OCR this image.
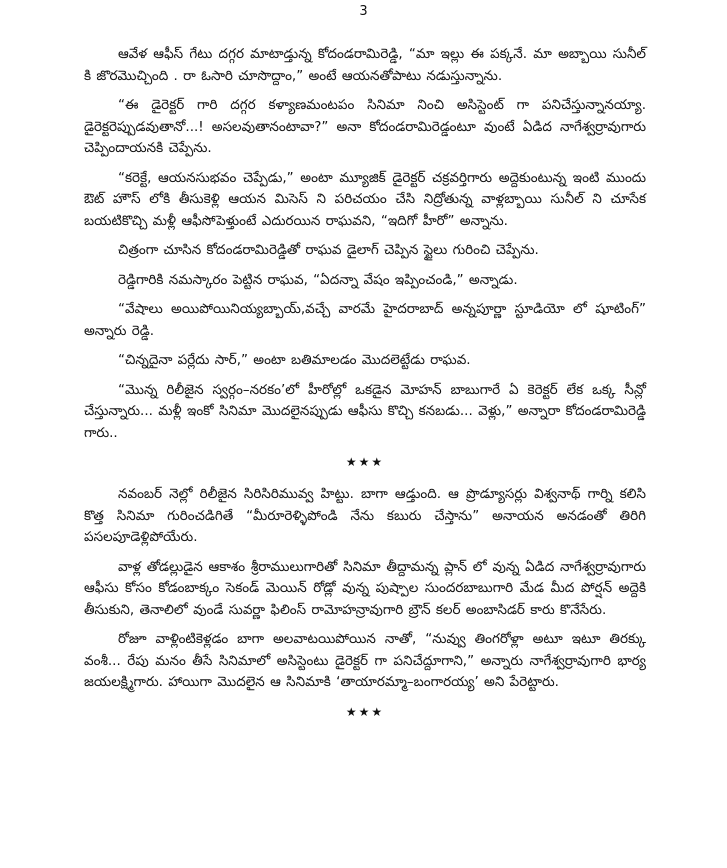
3

ఆవేళ ఆఫీస్ గేటు దగ్గర మాటాడ్తున్న కోదండరామిరెడ్డి, “మా ఇల్లు ఈ పక్కనే. మా అబ్బాయి సునీల్ కి జొరమొచ్చింది . రా ఓసారి చూసొద్దాం,” అంటే ఆయనతోపాటు నడుస్తున్నాను.

“ఈ డైరెక్టర్ గారి దగ్గర కళ్యాణమంటపం సినిమా నించి అసిస్టెంట్ గా పనిచేస్తున్నానయ్యా. డైరెక్టరెప్పుడవుతానో...! అసలవుతానంటావా?” అనా కోదండరామిరెడ్డంటూ వుంటే ఏడిద నాగేశ్వర్రావుగారు చెప్పిందాయనకి చెప్పేను.

“కరెక్టే, ఆయనసుభవం చెప్పేడు,” అంటా మ్యూజిక్ డైరెక్టర్ చక్రవర్తిగారు అద్దెకుంటున్న ఇంటి ముందు ఔట్ హౌస్ లోకి తీసుకెళ్లి ఆయన మిసెస్ ని పరిచయం చేసి నిద్రోతున్న వాళ్లబ్బాయి సునీల్ ని చూసేక బయటికొచ్చి మళ్లీ ఆఫీసోపెళ్తుంటే ఎదురయిన రాఘవని, “ఇదిగో హీరో” అన్నాను.

చిత్రంగా చూసిన కోదండరామిరెడ్డితో రాఘవ డైలాగ్ చెప్పిన స్టైలు గురించి చెప్పేను.

రెడ్డిగారికి నమస్కారం పెట్టిన రాఘవ, “ఏదన్నా వేషం ఇప్పించండి,” అన్నాడు.

“వేషాలు అయిపోయినియ్యబ్బాయ్,వచ్చే వారమే హైదరాబాద్ అన్నపూర్ణా స్టూడియో లో షూటింగ్” అన్నారు రెడ్డి.

“చిన్నదైనా పర్లేదు సార్,” అంటా బతిమాలడం మొదలెట్టేడు రాఘవ.

“మొన్న రిలీజైన స్వర్గం–నరకం’లో హీరోల్లో ఒకడైన మోహన్ బాబుగారే ఏ కెరెక్టర్ లేక ఒక్క సీన్లో చేస్తున్నారు... మళ్లీ ఇంకో సినిమా మొదలైనప్పుడు ఆఫీసు కొచ్చి కనబడు... వెళ్లు,” అన్నారా కోదండరామిరెడ్డి గారు..

★★★

నవంబర్ నెల్లో రిలీజైన సిరిసిరిమువ్వ హిట్టు. బాగా ఆడ్తుంది. ఆ ప్రొడ్యూసర్లు విశ్వనాథ్ గార్ని కలిసి కొత్త సినిమా గురించడిగితే “మీరూరెళ్ళిపోండి నేను కబురు చేస్తాను” అనాయన అనడంతో తిరిగి పసలపూడెళ్లిపోయేరు.

వాళ్ల తోడల్లుడైన ఆకాశం శ్రీరాములుగారితో సినిమా తీద్దామన్న ప్లాన్ లో వున్న ఏడిద నాగేశ్వర్రావుగారు ఆఫీసు కోసం కోడంబాక్కం సెకండ్ మెయిన్ రోడ్లో వున్న పుష్పాల సుందరబాబుగారి మేడ మీద పోర్షన్ అద్దెకి తీసుకుని, తెనాలిలో వుండే సువర్ణా ఫిలింస్ రామోహన్రావుగారి బ్రౌన్ కలర్ అంబాసిడర్ కారు కొనేసేరు.

రోజూ వాళ్లింటికెళ్లడం బాగా అలవాటయిపోయిన నాతో, “నువ్వు తింగరోళ్లా అటూ ఇటూ తిరక్కు వంశీ... రేపు మనం తీసే సినిమాలో అసిస్టెంటు డైరెక్టర్ గా పనిచేద్దూగాని,” అన్నారు నాగేశ్వర్రావుగారి భార్య జయలక్ష్మిగారు. హాయిగా మొదలైన ఆ సినిమాకి ‘తాయారమ్మా–బంగారయ్య’ అని పేరెట్టారు.

★★★
